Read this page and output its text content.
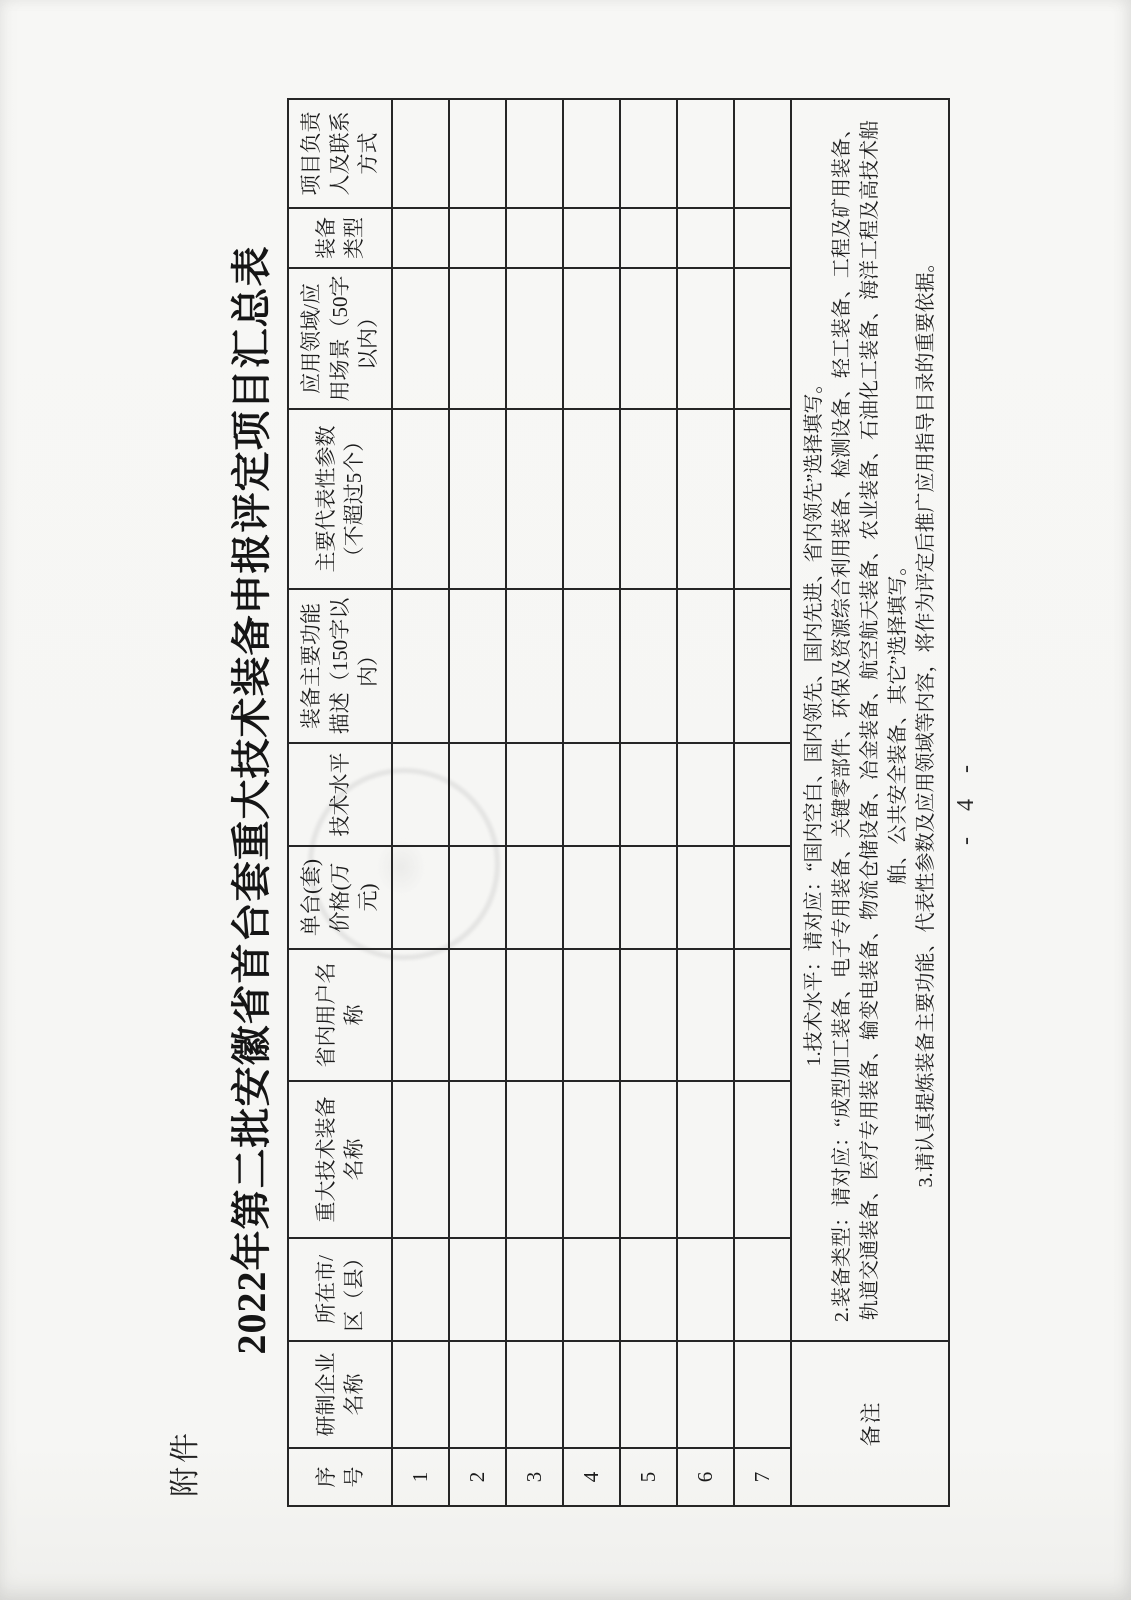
附件
2022年第二批安徽省首台套重大技术装备申报评定项目汇总表
序号	研制企业名称	所在市/区（县）	重大技术装备名称	省内用户名称	单台(套)价格(万元)	技术水平	装备主要功能描述（150字以内）	主要代表性参数（不超过5个）	应用领域/应用场景（50字以内）	装备类型	项目负责人及联系方式
1											
2											
3											
4											
5											
6											
7											
备注		1.技术水平：请对应：“国内空白、国内领先、国内先进、省内领先”选择填写。 2.装备类型：请对应：“成型加工装备、电子专用装备、关键零部件、环保及资源综合利用装备、检测设备、轻工装备、工程及矿用装备、轨道交通装备、医疗专用装备、输变电装备、物流仓储设备、冶金装备、航空航天装备、农业装备、石油化工装备、海洋工程及高技术船舶、公共安全装备、其它”选择填写。 3.请认真提炼装备主要功能、代表性参数及应用领域等内容，将作为评定后推广应用指导目录的重要依据。									- 4 -
